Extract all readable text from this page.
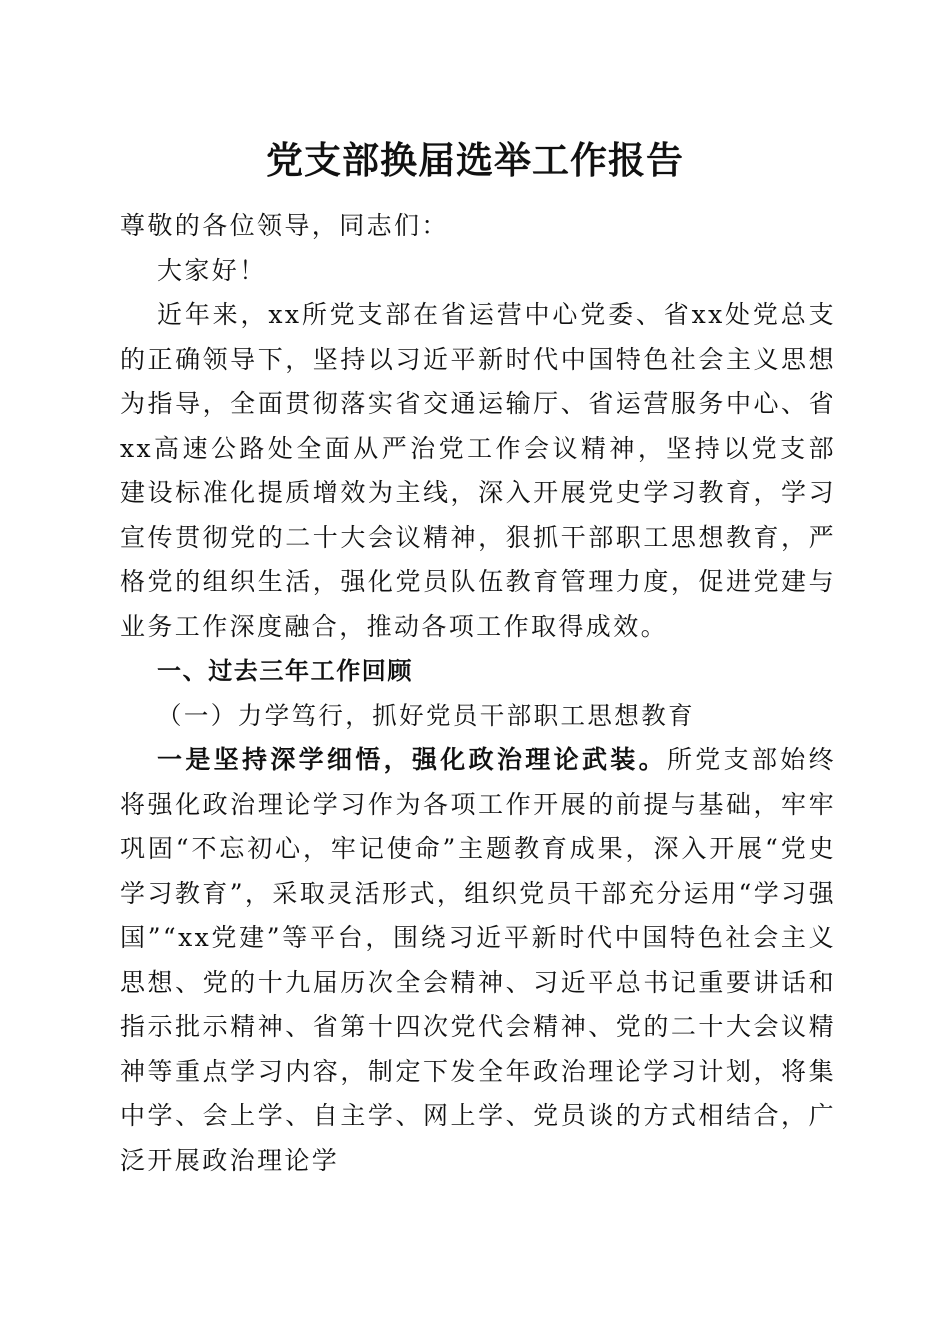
党支部换届选举工作报告

尊敬的各位领导，同志们：

大家好！

近年来，xx所党支部在省运营中心党委、省xx处党总支的正确领导下，坚持以习近平新时代中国特色社会主义思想为指导，全面贯彻落实省交通运输厅、省运营服务中心、省xx高速公路处全面从严治党工作会议精神，坚持以党支部建设标准化提质增效为主线，深入开展党史学习教育，学习宣传贯彻党的二十大会议精神，狠抓干部职工思想教育，严格党的组织生活，强化党员队伍教育管理力度，促进党建与业务工作深度融合，推动各项工作取得成效。

一、过去三年工作回顾

（一）力学笃行，抓好党员干部职工思想教育

一是坚持深学细悟，强化政治理论武装。所党支部始终将强化政治理论学习作为各项工作开展的前提与基础，牢牢巩固“不忘初心，牢记使命”主题教育成果，深入开展“党史学习教育”，采取灵活形式，组织党员干部充分运用“学习强国”“xx党建”等平台，围绕习近平新时代中国特色社会主义思想、党的十九届历次全会精神、习近平总书记重要讲话和指示批示精神、省第十四次党代会精神、党的二十大会议精神等重点学习内容，制定下发全年政治理论学习计划，将集中学、会上学、自主学、网上学、党员谈的方式相结合，广泛开展政治理论学
